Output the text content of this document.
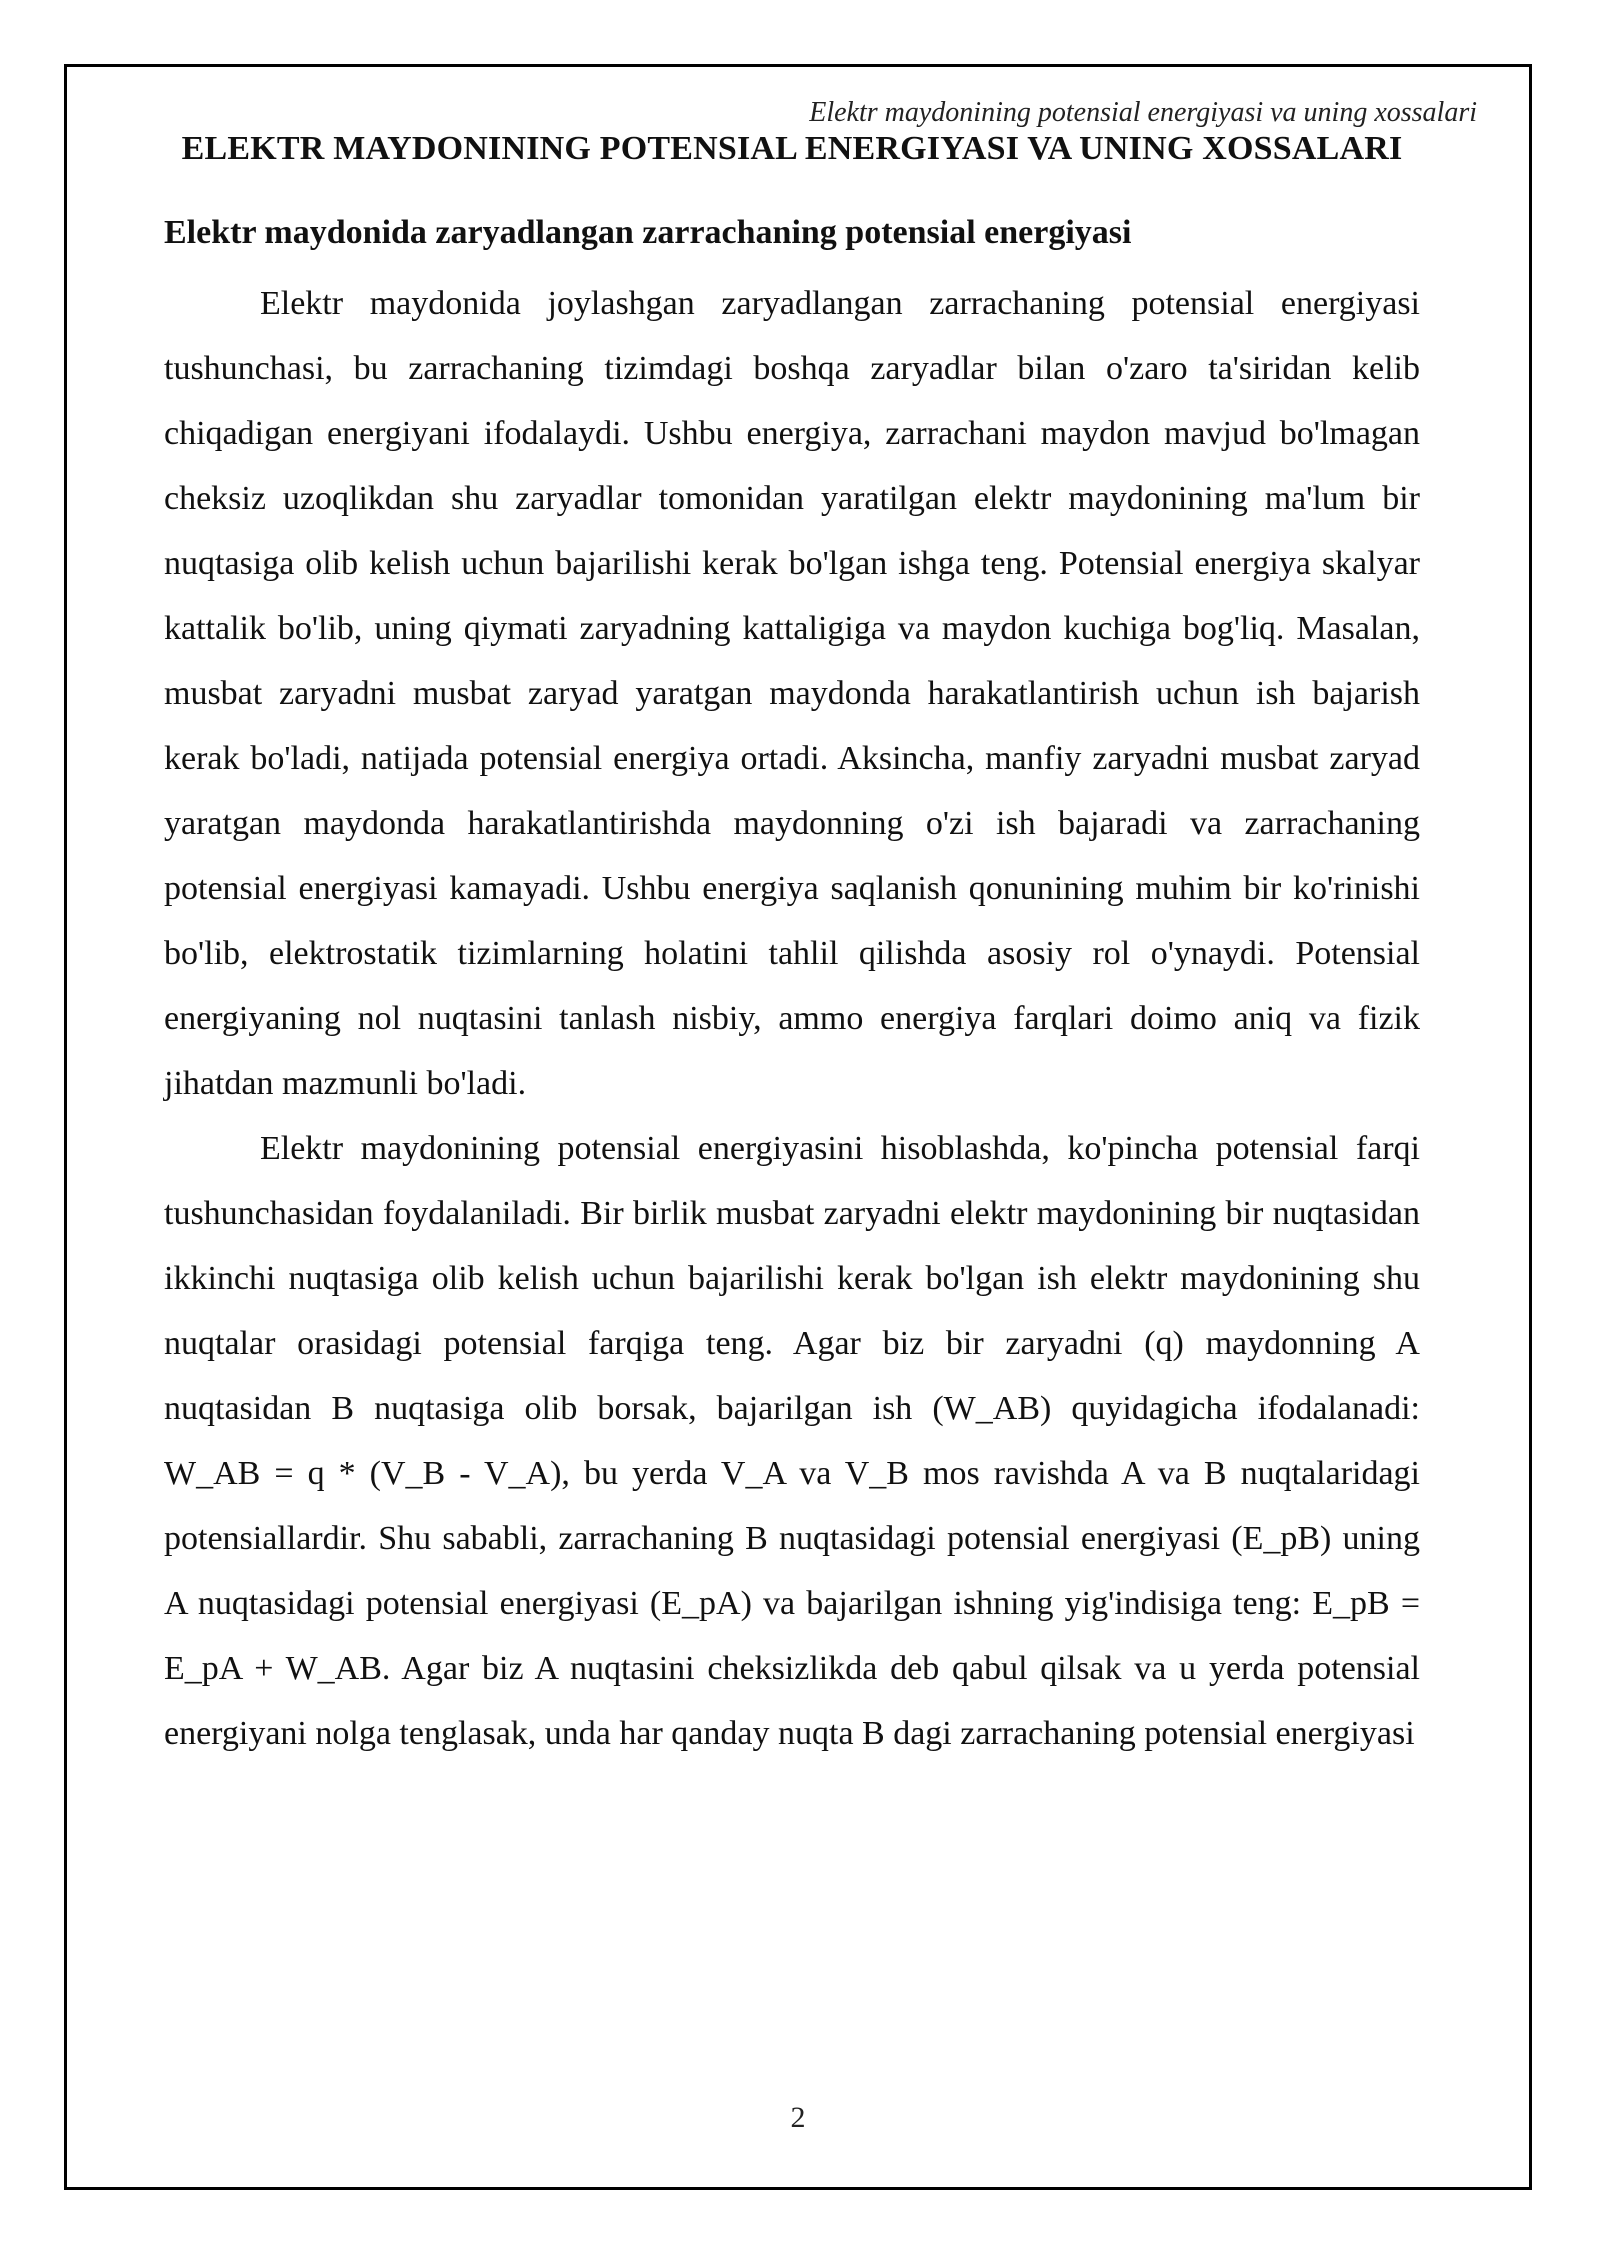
Elektr maydonining potensial energiyasi va uning xossalari
2
ELEKTR MAYDONINING POTENSIAL ENERGIYASI VA UNING XOSSALARI
Elektr maydonida zaryadlangan zarrachaning potensial energiyasi

Elektr maydonida joylashgan zaryadlangan zarrachaning potensial energiyasi tushunchasi, bu zarrachaning tizimdagi boshqa zaryadlar bilan o'zaro ta'siridan kelib chiqadigan energiyani ifodalaydi. Ushbu energiya, zarrachani maydon mavjud bo'lmagan cheksiz uzoqlikdan shu zaryadlar tomonidan yaratilgan elektr maydonining ma'lum bir nuqtasiga olib kelish uchun bajarilishi kerak bo'lgan ishga teng. Potensial energiya skalyar kattalik bo'lib, uning qiymati zaryadning kattaligiga va maydon kuchiga bog'liq. Masalan, musbat zaryadni musbat zaryad yaratgan maydonda harakatlantirish uchun ish bajarish kerak bo'ladi, natijada potensial energiya ortadi. Aksincha, manfiy zaryadni musbat zaryad yaratgan maydonda harakatlantirishda maydonning o'zi ish bajaradi va zarrachaning potensial energiyasi kamayadi. Ushbu energiya saqlanish qonunining muhim bir ko'rinishi bo'lib, elektrostatik tizimlarning holatini tahlil qilishda asosiy rol o'ynaydi. Potensial energiyaning nol nuqtasini tanlash nisbiy, ammo energiya farqlari doimo aniq va fizik jihatdan mazmunli bo'ladi.

Elektr maydonining potensial energiyasini hisoblashda, ko'pincha potensial farqi tushunchasidan foydalaniladi. Bir birlik musbat zaryadni elektr maydonining bir nuqtasidan ikkinchi nuqtasiga olib kelish uchun bajarilishi kerak bo'lgan ish elektr maydonining shu nuqtalar orasidagi potensial farqiga teng. Agar biz bir zaryadni (q) maydonning A nuqtasidan B nuqtasiga olib borsak, bajarilgan ish (W_AB) quyidagicha ifodalanadi: W_AB = q * (V_B - V_A), bu yerda V_A va V_B mos ravishda A va B nuqtalaridagi potensiallardir. Shu sababli, zarrachaning B nuqtasidagi potensial energiyasi (E_pB) uning A nuqtasidagi potensial energiyasi (E_pA) va bajarilgan ishning yig'indisiga teng: E_pB = E_pA + W_AB. Agar biz A nuqtasini cheksizlikda deb qabul qilsak va u yerda potensial energiyani nolga tenglasak, unda har qanday nuqta B dagi zarrachaning potensial energiyasi
